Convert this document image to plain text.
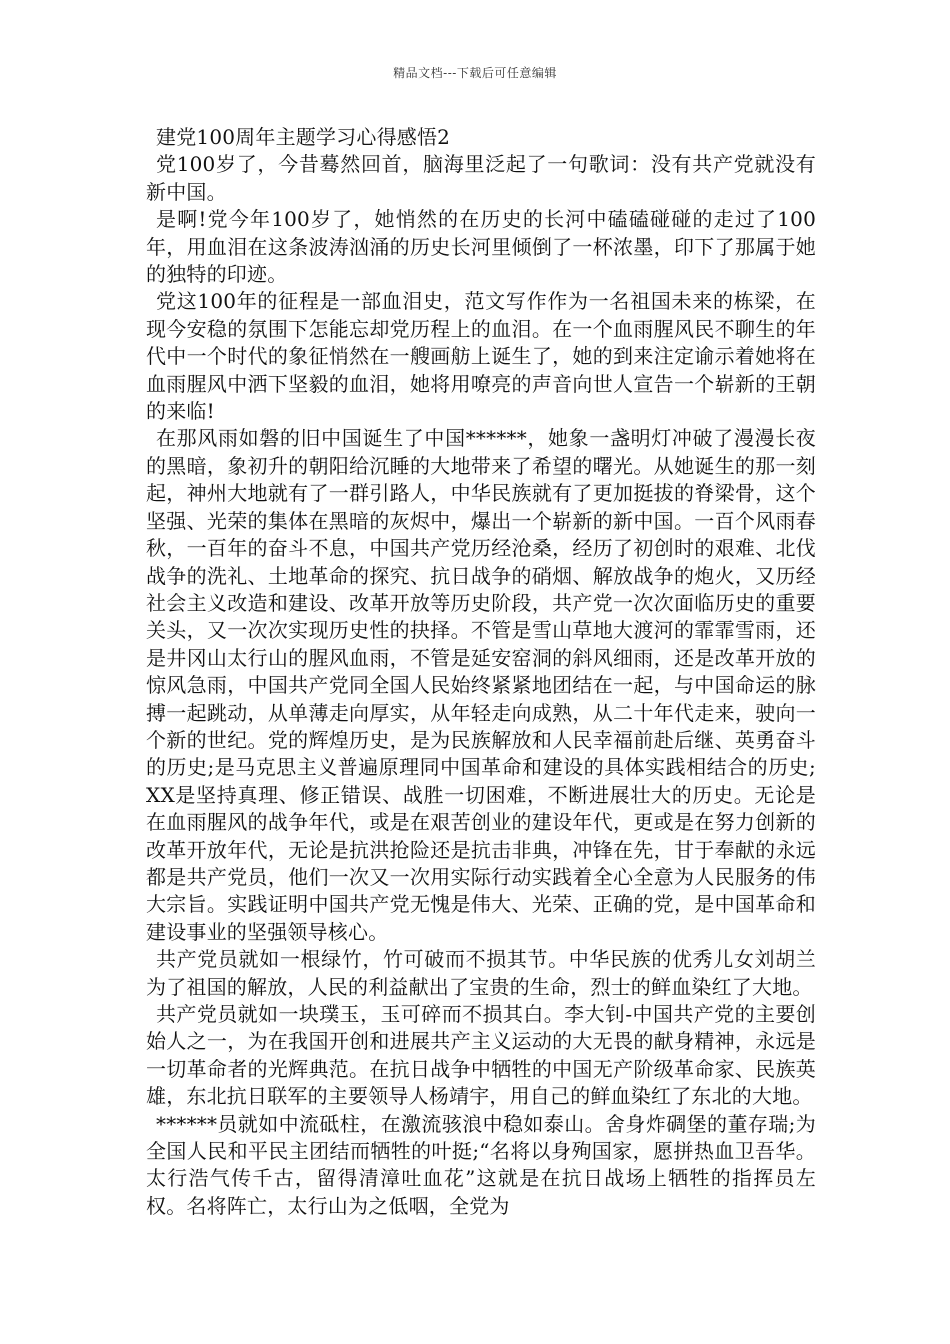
精品文档---下载后可任意编辑
建党100周年主题学习心得感悟2

党100岁了，今昔蓦然回首，脑海里泛起了一句歌词：没有共产党就没有新中国。

是啊!党今年100岁了，她悄然的在历史的长河中磕磕碰碰的走过了100年，用血泪在这条波涛汹涌的历史长河里倾倒了一杯浓墨，印下了那属于她的独特的印迹。

党这100年的征程是一部血泪史，范文写作作为一名祖国未来的栋梁，在现今安稳的氛围下怎能忘却党历程上的血泪。在一个血雨腥风民不聊生的年代中一个时代的象征悄然在一艘画舫上诞生了，她的到来注定谕示着她将在血雨腥风中洒下坚毅的血泪，她将用嘹亮的声音向世人宣告一个崭新的王朝的来临!

在那风雨如磐的旧中国诞生了中国******，她象一盏明灯冲破了漫漫长夜的黑暗，象初升的朝阳给沉睡的大地带来了希望的曙光。从她诞生的那一刻起，神州大地就有了一群引路人，中华民族就有了更加挺拔的脊梁骨，这个坚强、光荣的集体在黑暗的灰烬中，爆出一个崭新的新中国。一百个风雨春秋，一百年的奋斗不息，中国共产党历经沧桑，经历了初创时的艰难、北伐战争的洗礼、土地革命的探究、抗日战争的硝烟、解放战争的炮火，又历经社会主义改造和建设、改革开放等历史阶段，共产党一次次面临历史的重要关头，又一次次实现历史性的抉择。不管是雪山草地大渡河的霏霏雪雨，还是井冈山太行山的腥风血雨，不管是延安窑洞的斜风细雨，还是改革开放的惊风急雨，中国共产党同全国人民始终紧紧地团结在一起，与中国命运的脉搏一起跳动，从单薄走向厚实，从年轻走向成熟，从二十年代走来，驶向一个新的世纪。党的辉煌历史，是为民族解放和人民幸福前赴后继、英勇奋斗的历史;是马克思主义普遍原理同中国革命和建设的具体实践相结合的历史;XX是坚持真理、修正错误、战胜一切困难，不断进展壮大的历史。无论是在血雨腥风的战争年代，或是在艰苦创业的建设年代，更或是在努力创新的改革开放年代，无论是抗洪抢险还是抗击非典，冲锋在先，甘于奉献的永远都是共产党员，他们一次又一次用实际行动实践着全心全意为人民服务的伟大宗旨。实践证明中国共产党无愧是伟大、光荣、正确的党，是中国革命和建设事业的坚强领导核心。

共产党员就如一根绿竹，竹可破而不损其节。中华民族的优秀儿女刘胡兰为了祖国的解放，人民的利益献出了宝贵的生命，烈士的鲜血染红了大地。

共产党员就如一块璞玉，玉可碎而不损其白。李大钊-中国共产党的主要创始人之一，为在我国开创和进展共产主义运动的大无畏的献身精神，永远是一切革命者的光辉典范。在抗日战争中牺牲的中国无产阶级革命家、民族英雄，东北抗日联军的主要领导人杨靖宇，用自己的鲜血染红了东北的大地。

******员就如中流砥柱，在激流骇浪中稳如泰山。舍身炸碉堡的董存瑞;为全国人民和平民主团结而牺牲的叶挺;“名将以身殉国家，愿拼热血卫吾华。太行浩气传千古，留得清漳吐血花”这就是在抗日战场上牺牲的指挥员左权。名将阵亡，太行山为之低咽，全党为
